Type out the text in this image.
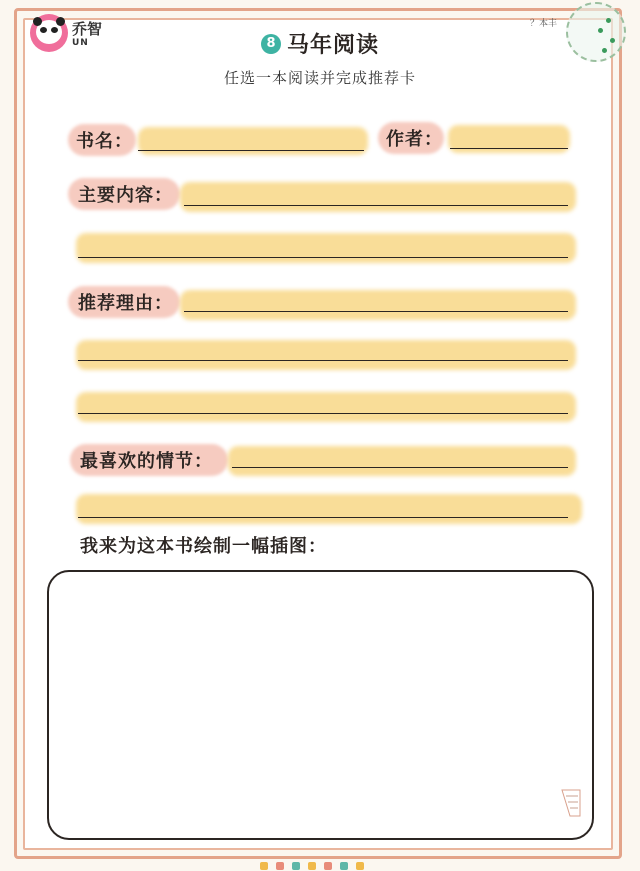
乔智
UN
？本丰
8 马年阅读
任选一本阅读并完成推荐卡
书名：	作者：
主要内容：
推荐理由：
最喜欢的情节：
我来为这本书绘制一幅插图：
